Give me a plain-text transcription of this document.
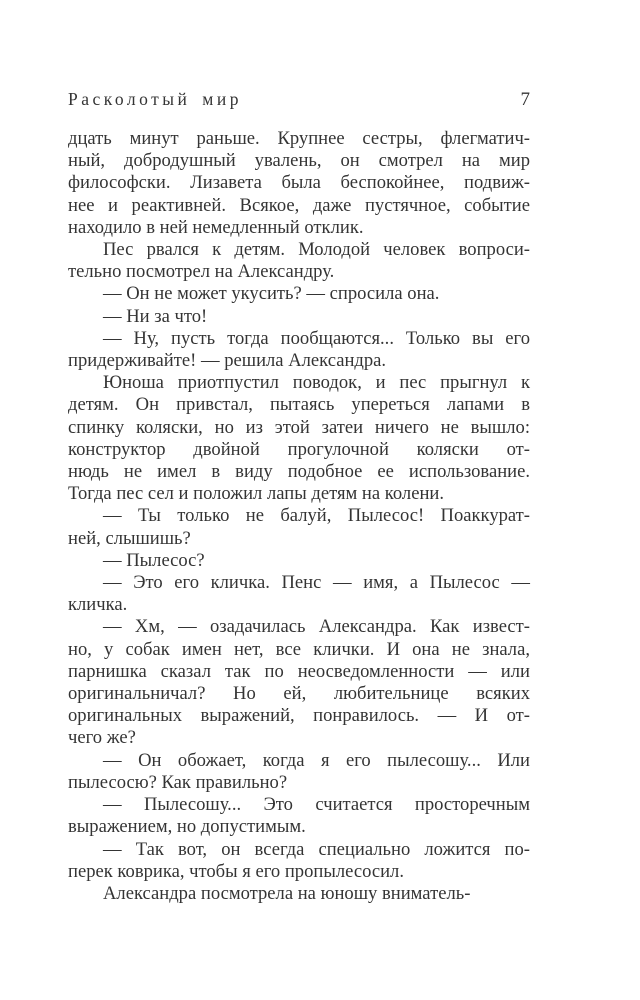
Расколотый мир	7
дцать минут раньше. Крупнее сестры, флегматич-
ный, добродушный увалень, он смотрел на мир
философски. Лизавета была беспокойнее, подвиж-
нее и реактивней. Всякое, даже пустячное, событие
находило в ней немедленный отклик.
Пес рвался к детям. Молодой человек вопроси-
тельно посмотрел на Александру.
— Он не может укусить? — спросила она.
— Ни за что!
— Ну, пусть тогда пообщаются... Только вы его
придерживайте! — решила Александра.
Юноша приотпустил поводок, и пес прыгнул к
детям. Он привстал, пытаясь упереться лапами в
спинку коляски, но из этой затеи ничего не вышло:
конструктор двойной прогулочной коляски от-
нюдь не имел в виду подобное ее использование.
Тогда пес сел и положил лапы детям на колени.
— Ты только не балуй, Пылесос! Поаккурат-
ней, слышишь?
— Пылесос?
— Это его кличка. Пенс — имя, а Пылесос —
кличка.
— Хм, — озадачилась Александра. Как извест-
но, у собак имен нет, все клички. И она не знала,
парнишка сказал так по неосведомленности — или
оригинальничал? Но ей, любительнице всяких
оригинальных выражений, понравилось. — И от-
чего же?
— Он обожает, когда я его пылесошу... Или
пылесосю? Как правильно?
— Пылесошу... Это считается просторечным
выражением, но допустимым.
— Так вот, он всегда специально ложится по-
перек коврика, чтобы я его пропылесосил.
Александра посмотрела на юношу вниматель-
